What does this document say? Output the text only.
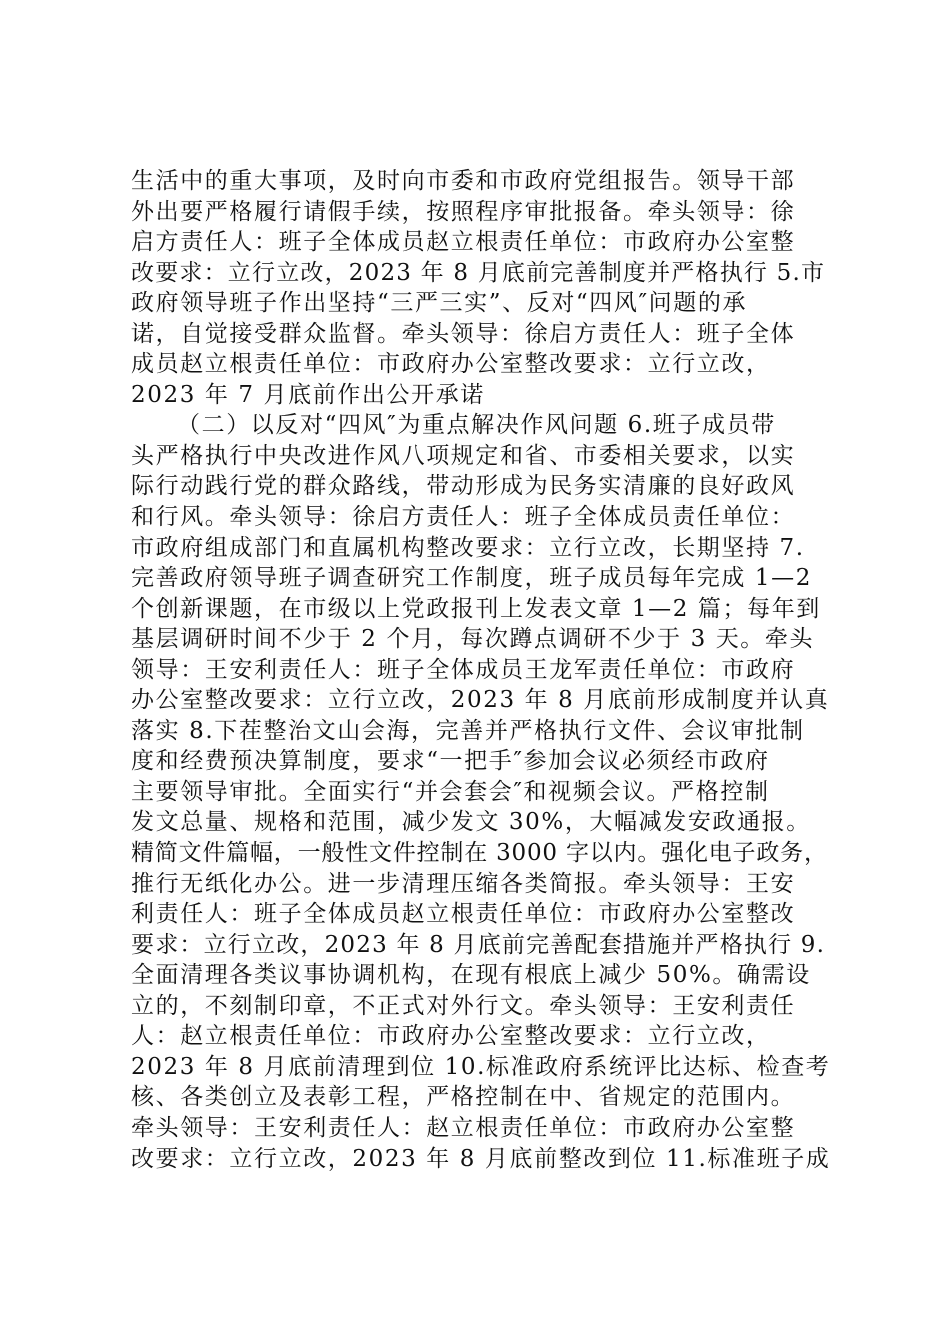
生活中的重大事项，及时向市委和市政府党组报告。领导干部
外出要严格履行请假手续，按照程序审批报备。牵头领导：徐
启方责任人：班子全体成员赵立根责任单位：市政府办公室整
改要求：立行立改，2023 年 8 月底前完善制度并严格执行 5.市
政府领导班子作出坚持“三严三实”、反对“四风″问题的承
诺，自觉接受群众监督。牵头领导：徐启方责任人：班子全体
成员赵立根责任单位：市政府办公室整改要求：立行立改，
2023 年 7 月底前作出公开承诺
（二）以反对“四风″为重点解决作风问题 6.班子成员带
头严格执行中央改进作风八项规定和省、市委相关要求，以实
际行动践行党的群众路线，带动形成为民务实清廉的良好政风
和行风。牵头领导：徐启方责任人：班子全体成员责任单位：
市政府组成部门和直属机构整改要求：立行立改，长期坚持 7.
完善政府领导班子调查研究工作制度，班子成员每年完成 1—2
个创新课题，在市级以上党政报刊上发表文章 1—2 篇；每年到
基层调研时间不少于 2 个月，每次蹲点调研不少于 3 天。牵头
领导：王安利责任人：班子全体成员王龙军责任单位：市政府
办公室整改要求：立行立改，2023 年 8 月底前形成制度并认真
落实 8.下茬整治文山会海，完善并严格执行文件、会议审批制
度和经费预决算制度，要求“一把手″参加会议必须经市政府
主要领导审批。全面实行“并会套会″和视频会议。严格控制
发文总量、规格和范围，减少发文 30%，大幅减发安政通报。
精简文件篇幅，一般性文件控制在 3000 字以内。强化电子政务，
推行无纸化办公。进一步清理压缩各类简报。牵头领导：王安
利责任人：班子全体成员赵立根责任单位：市政府办公室整改
要求：立行立改，2023 年 8 月底前完善配套措施并严格执行 9.
全面清理各类议事协调机构，在现有根底上减少 50%。确需设
立的，不刻制印章，不正式对外行文。牵头领导：王安利责任
人：赵立根责任单位：市政府办公室整改要求：立行立改，
2023 年 8 月底前清理到位 10.标准政府系统评比达标、检查考
核、各类创立及表彰工程，严格控制在中、省规定的范围内。
牵头领导：王安利责任人：赵立根责任单位：市政府办公室整
改要求：立行立改，2023 年 8 月底前整改到位 11.标准班子成
